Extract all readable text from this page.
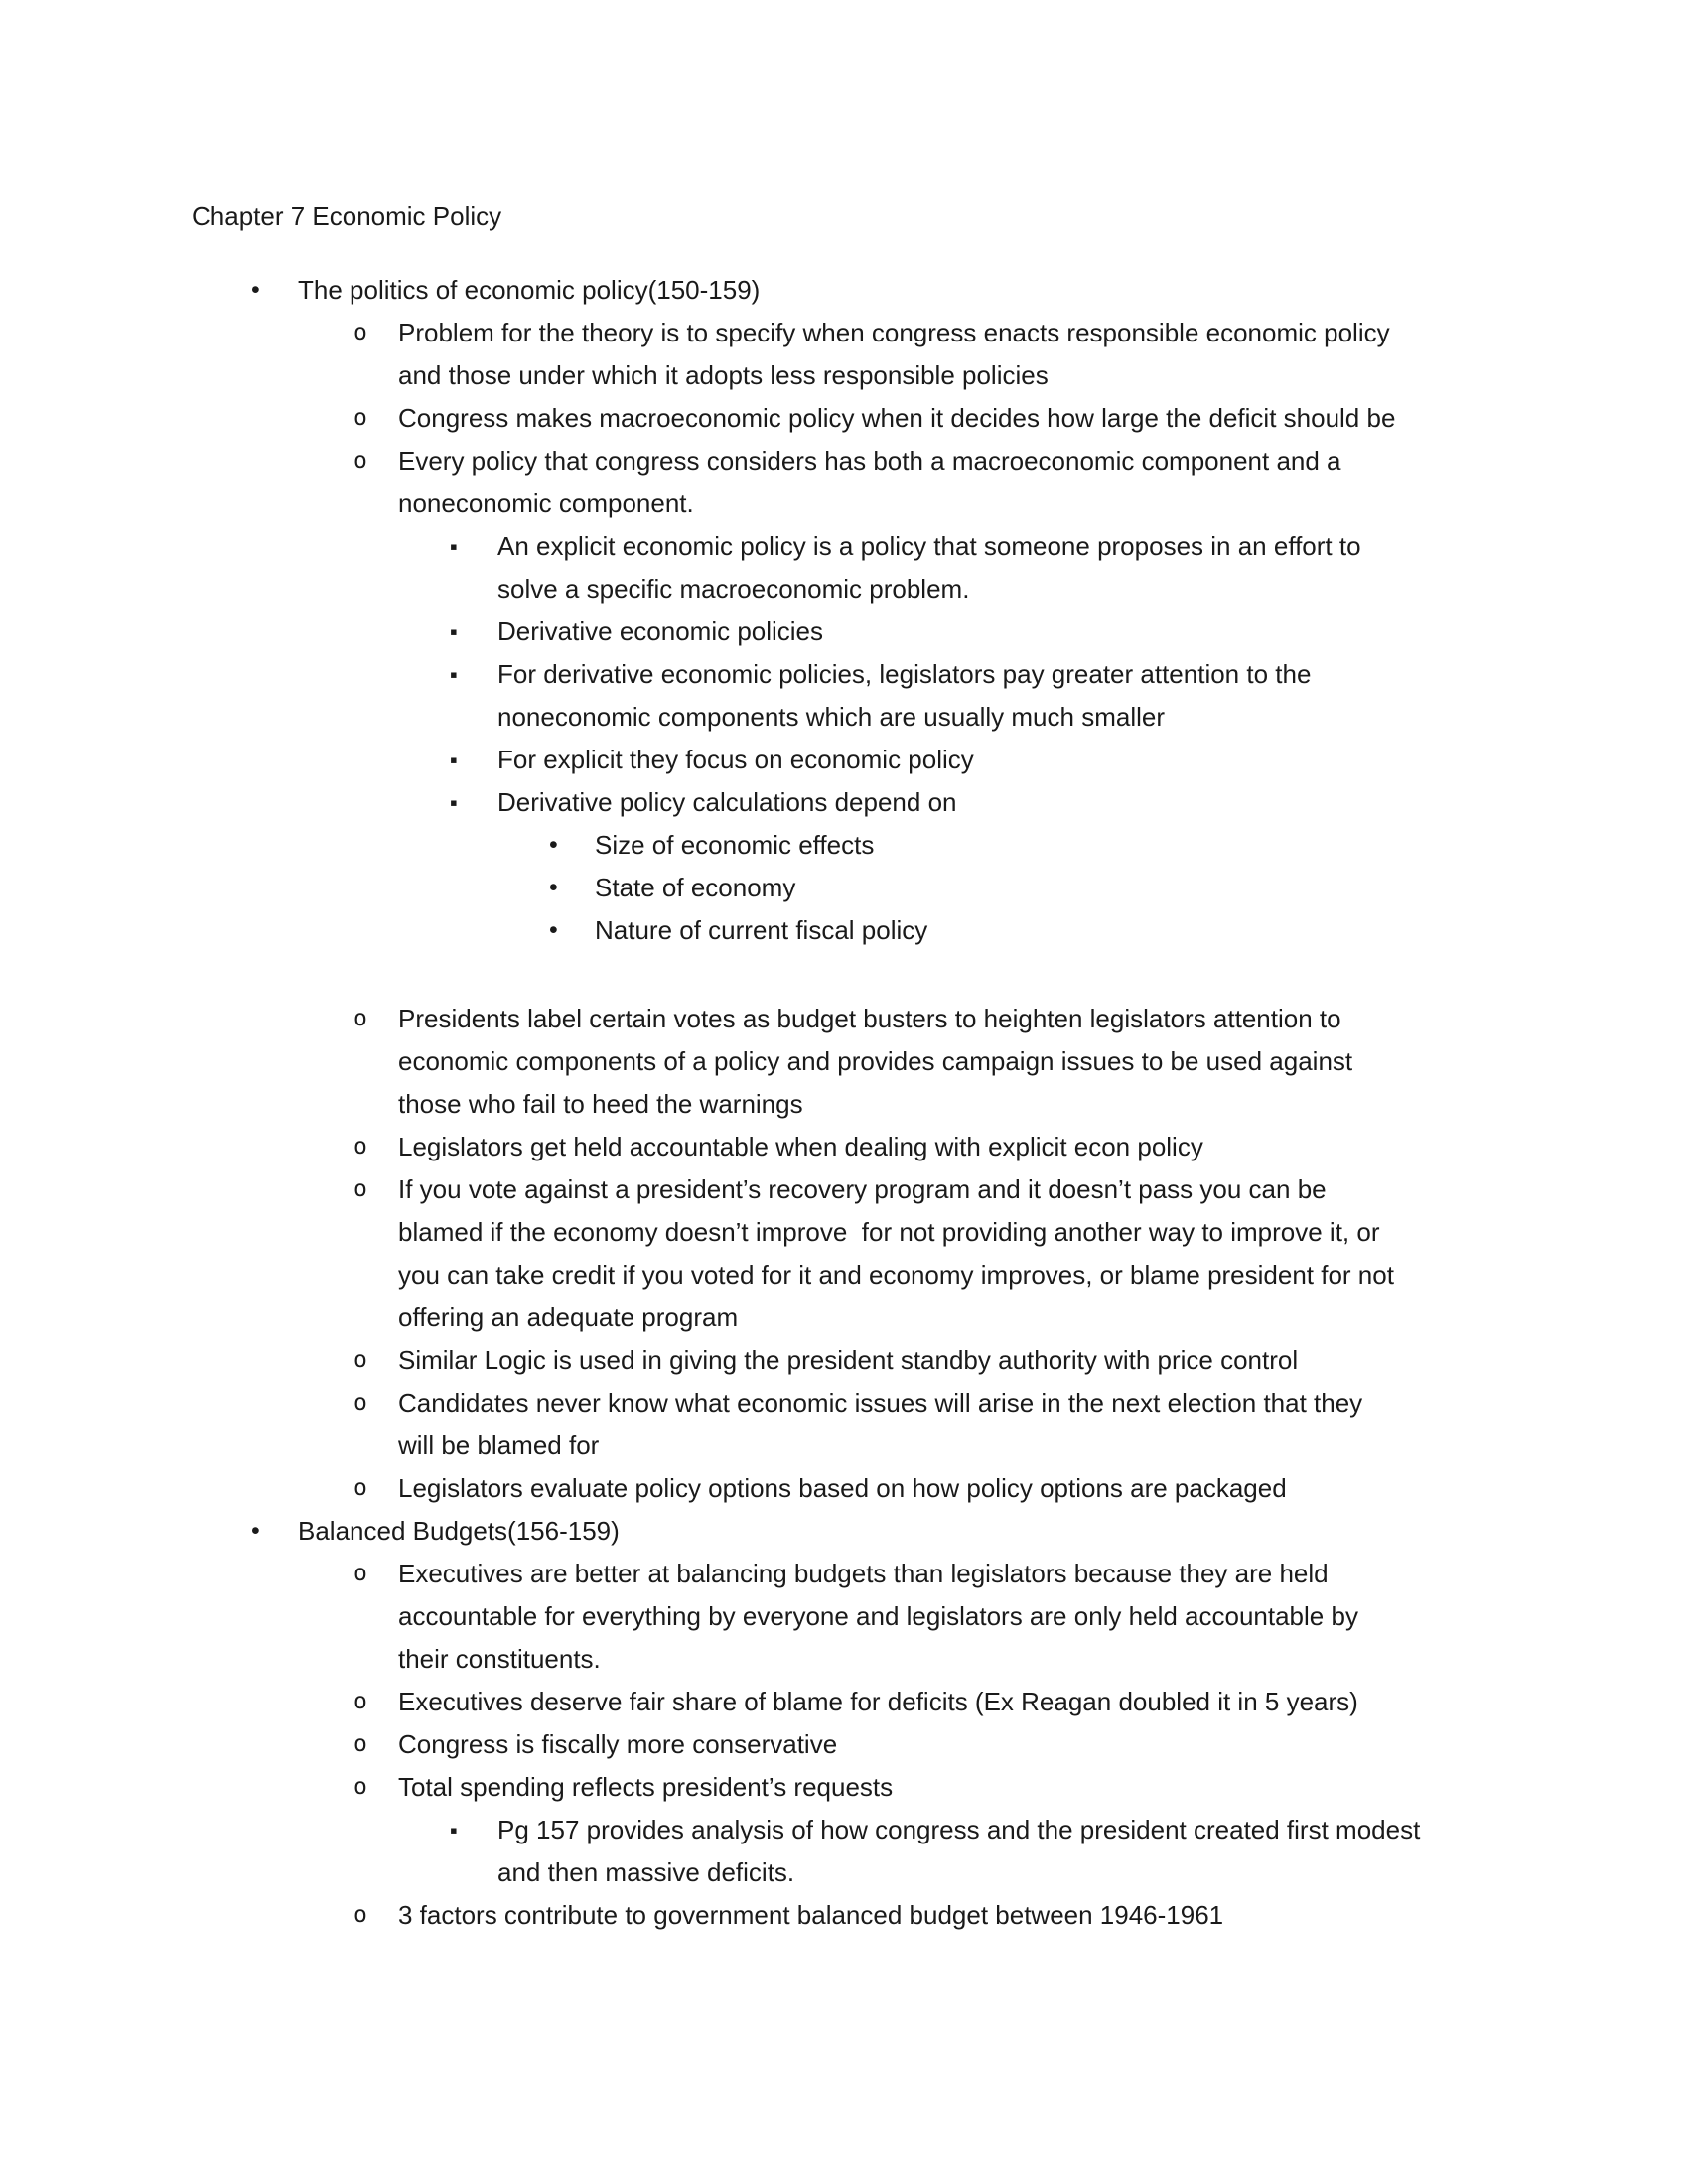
Chapter 7 Economic Policy
• The politics of economic policy(150-159)
o Problem for the theory is to specify when congress enacts responsible economic policy
and those under which it adopts less responsible policies
o Congress makes macroeconomic policy when it decides how large the deficit should be
o Every policy that congress considers has both a macroeconomic component and a
noneconomic component.
▪ An explicit economic policy is a policy that someone proposes in an effort to
solve a specific macroeconomic problem.
▪ Derivative economic policies
▪ For derivative economic policies, legislators pay greater attention to the
noneconomic components which are usually much smaller
▪ For explicit they focus on economic policy
▪ Derivative policy calculations depend on
• Size of economic effects
• State of economy
• Nature of current fiscal policy
o Presidents label certain votes as budget busters to heighten legislators attention to
economic components of a policy and provides campaign issues to be used against
those who fail to heed the warnings
o Legislators get held accountable when dealing with explicit econ policy
o If you vote against a president’s recovery program and it doesn’t pass you can be
blamed if the economy doesn’t improve  for not providing another way to improve it, or
you can take credit if you voted for it and economy improves, or blame president for not
offering an adequate program
o Similar Logic is used in giving the president standby authority with price control
o Candidates never know what economic issues will arise in the next election that they
will be blamed for
o Legislators evaluate policy options based on how policy options are packaged
• Balanced Budgets(156-159)
o Executives are better at balancing budgets than legislators because they are held
accountable for everything by everyone and legislators are only held accountable by
their constituents.
o Executives deserve fair share of blame for deficits (Ex Reagan doubled it in 5 years)
o Congress is fiscally more conservative
o Total spending reflects president’s requests
▪ Pg 157 provides analysis of how congress and the president created first modest
and then massive deficits.
o 3 factors contribute to government balanced budget between 1946-1961
